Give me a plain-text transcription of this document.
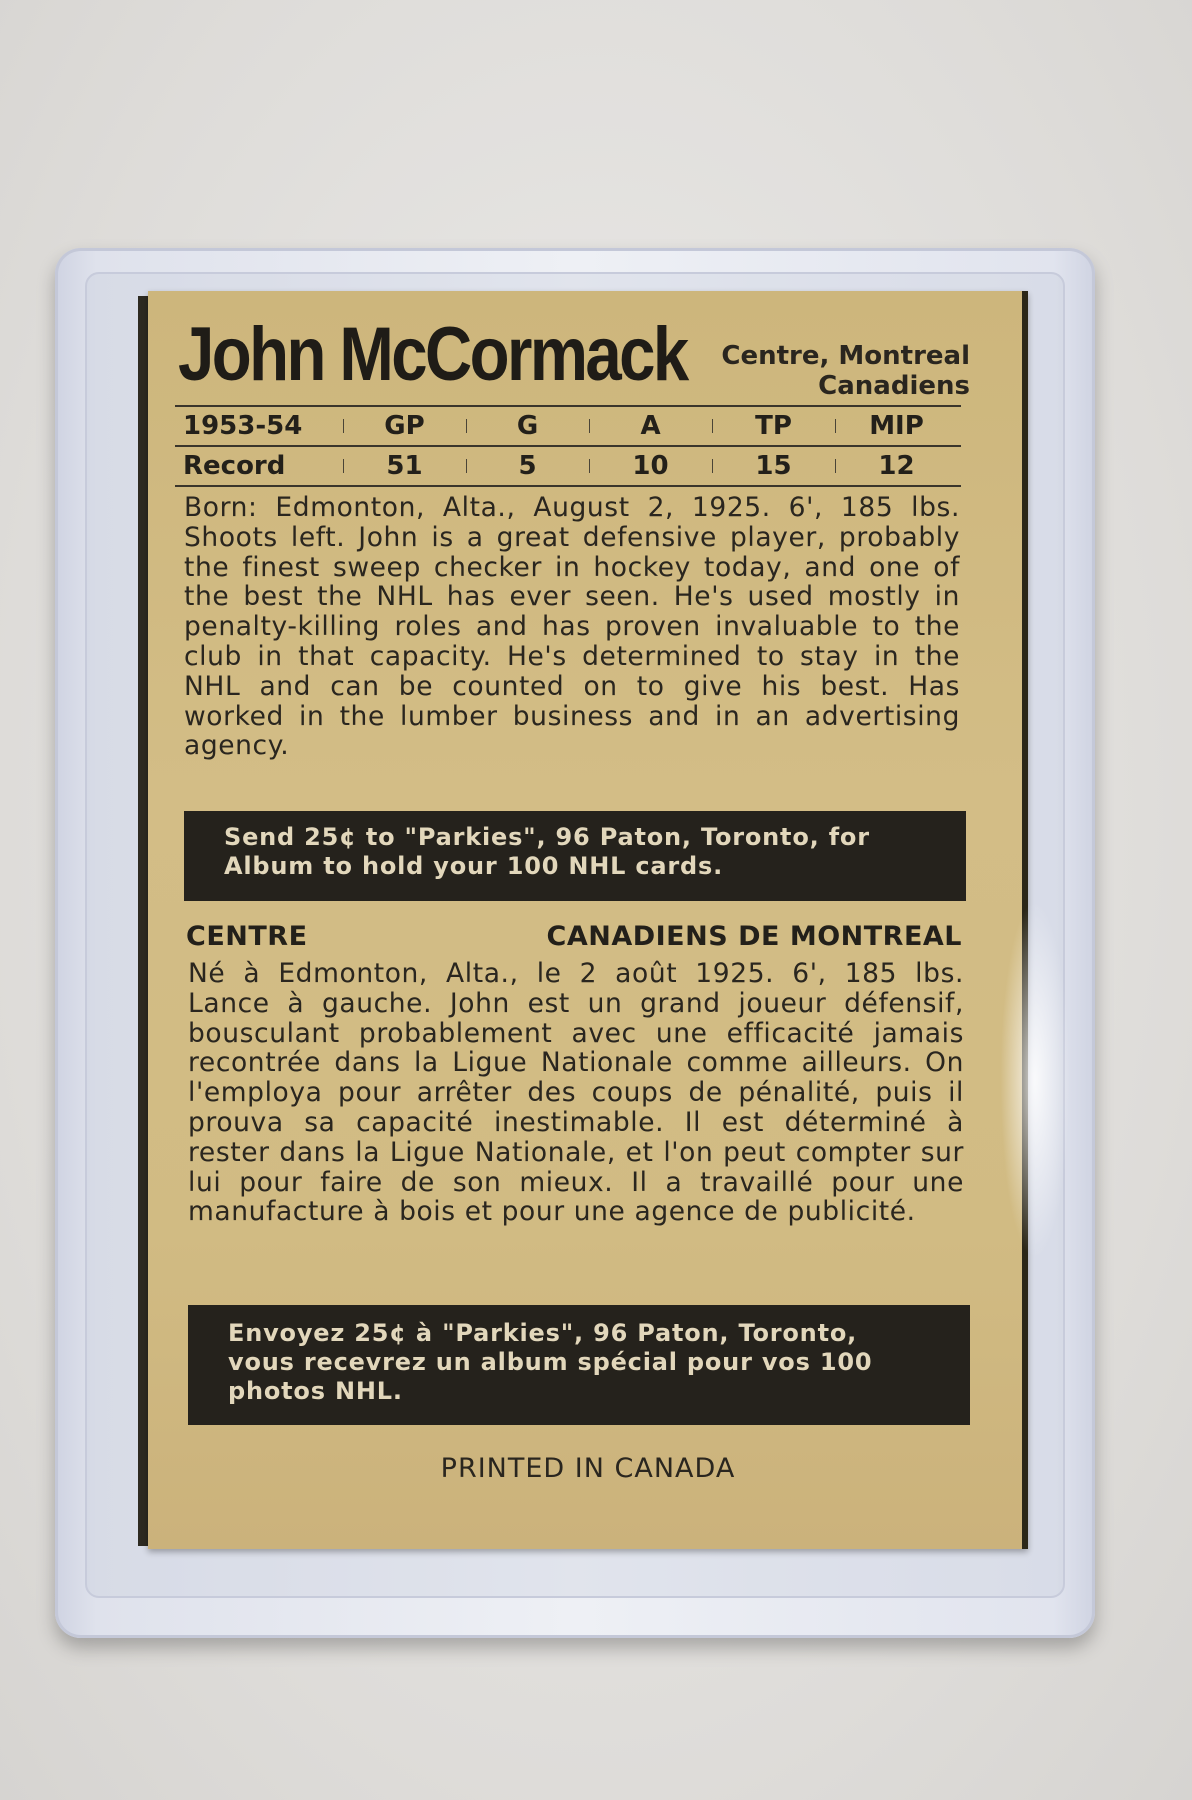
John McCormack Centre, Montreal
Canadiens
1953-54	GP	G	A	TP	MIP
Record	51	5	10	15	12
Born: Edmonton, Alta., August 2, 1925. 6', 185 lbs. Shoots left. John is a great defensive player, probably the finest sweep checker in hockey today, and one of the best the NHL has ever seen. He's used mostly in penalty-killing roles and has proven invaluable to the club in that capacity. He's determined to stay in the NHL and can be counted on to give his best. Has worked in the lumber business and in an advertising agency.
Send 25¢ to "Parkies", 96 Paton, Toronto, for Album to hold your 100 NHL cards.
CENTRE	CANADIENS DE MONTREAL
Né à Edmonton, Alta., le 2 août 1925. 6', 185 lbs. Lance à gauche. John est un grand joueur défensif, bousculant probablement avec une efficacité jamais recontrée dans la Ligue Nationale comme ailleurs. On l'employa pour arrêter des coups de pénalité, puis il prouva sa capacité inestimable. Il est déterminé à rester dans la Ligue Nationale, et l'on peut compter sur lui pour faire de son mieux. Il a travaillé pour une manufacture à bois et pour une agence de publicité.
Envoyez 25¢ à "Parkies", 96 Paton, Toronto, vous recevrez un album spécial pour vos 100 photos NHL.
PRINTED IN CANADA
